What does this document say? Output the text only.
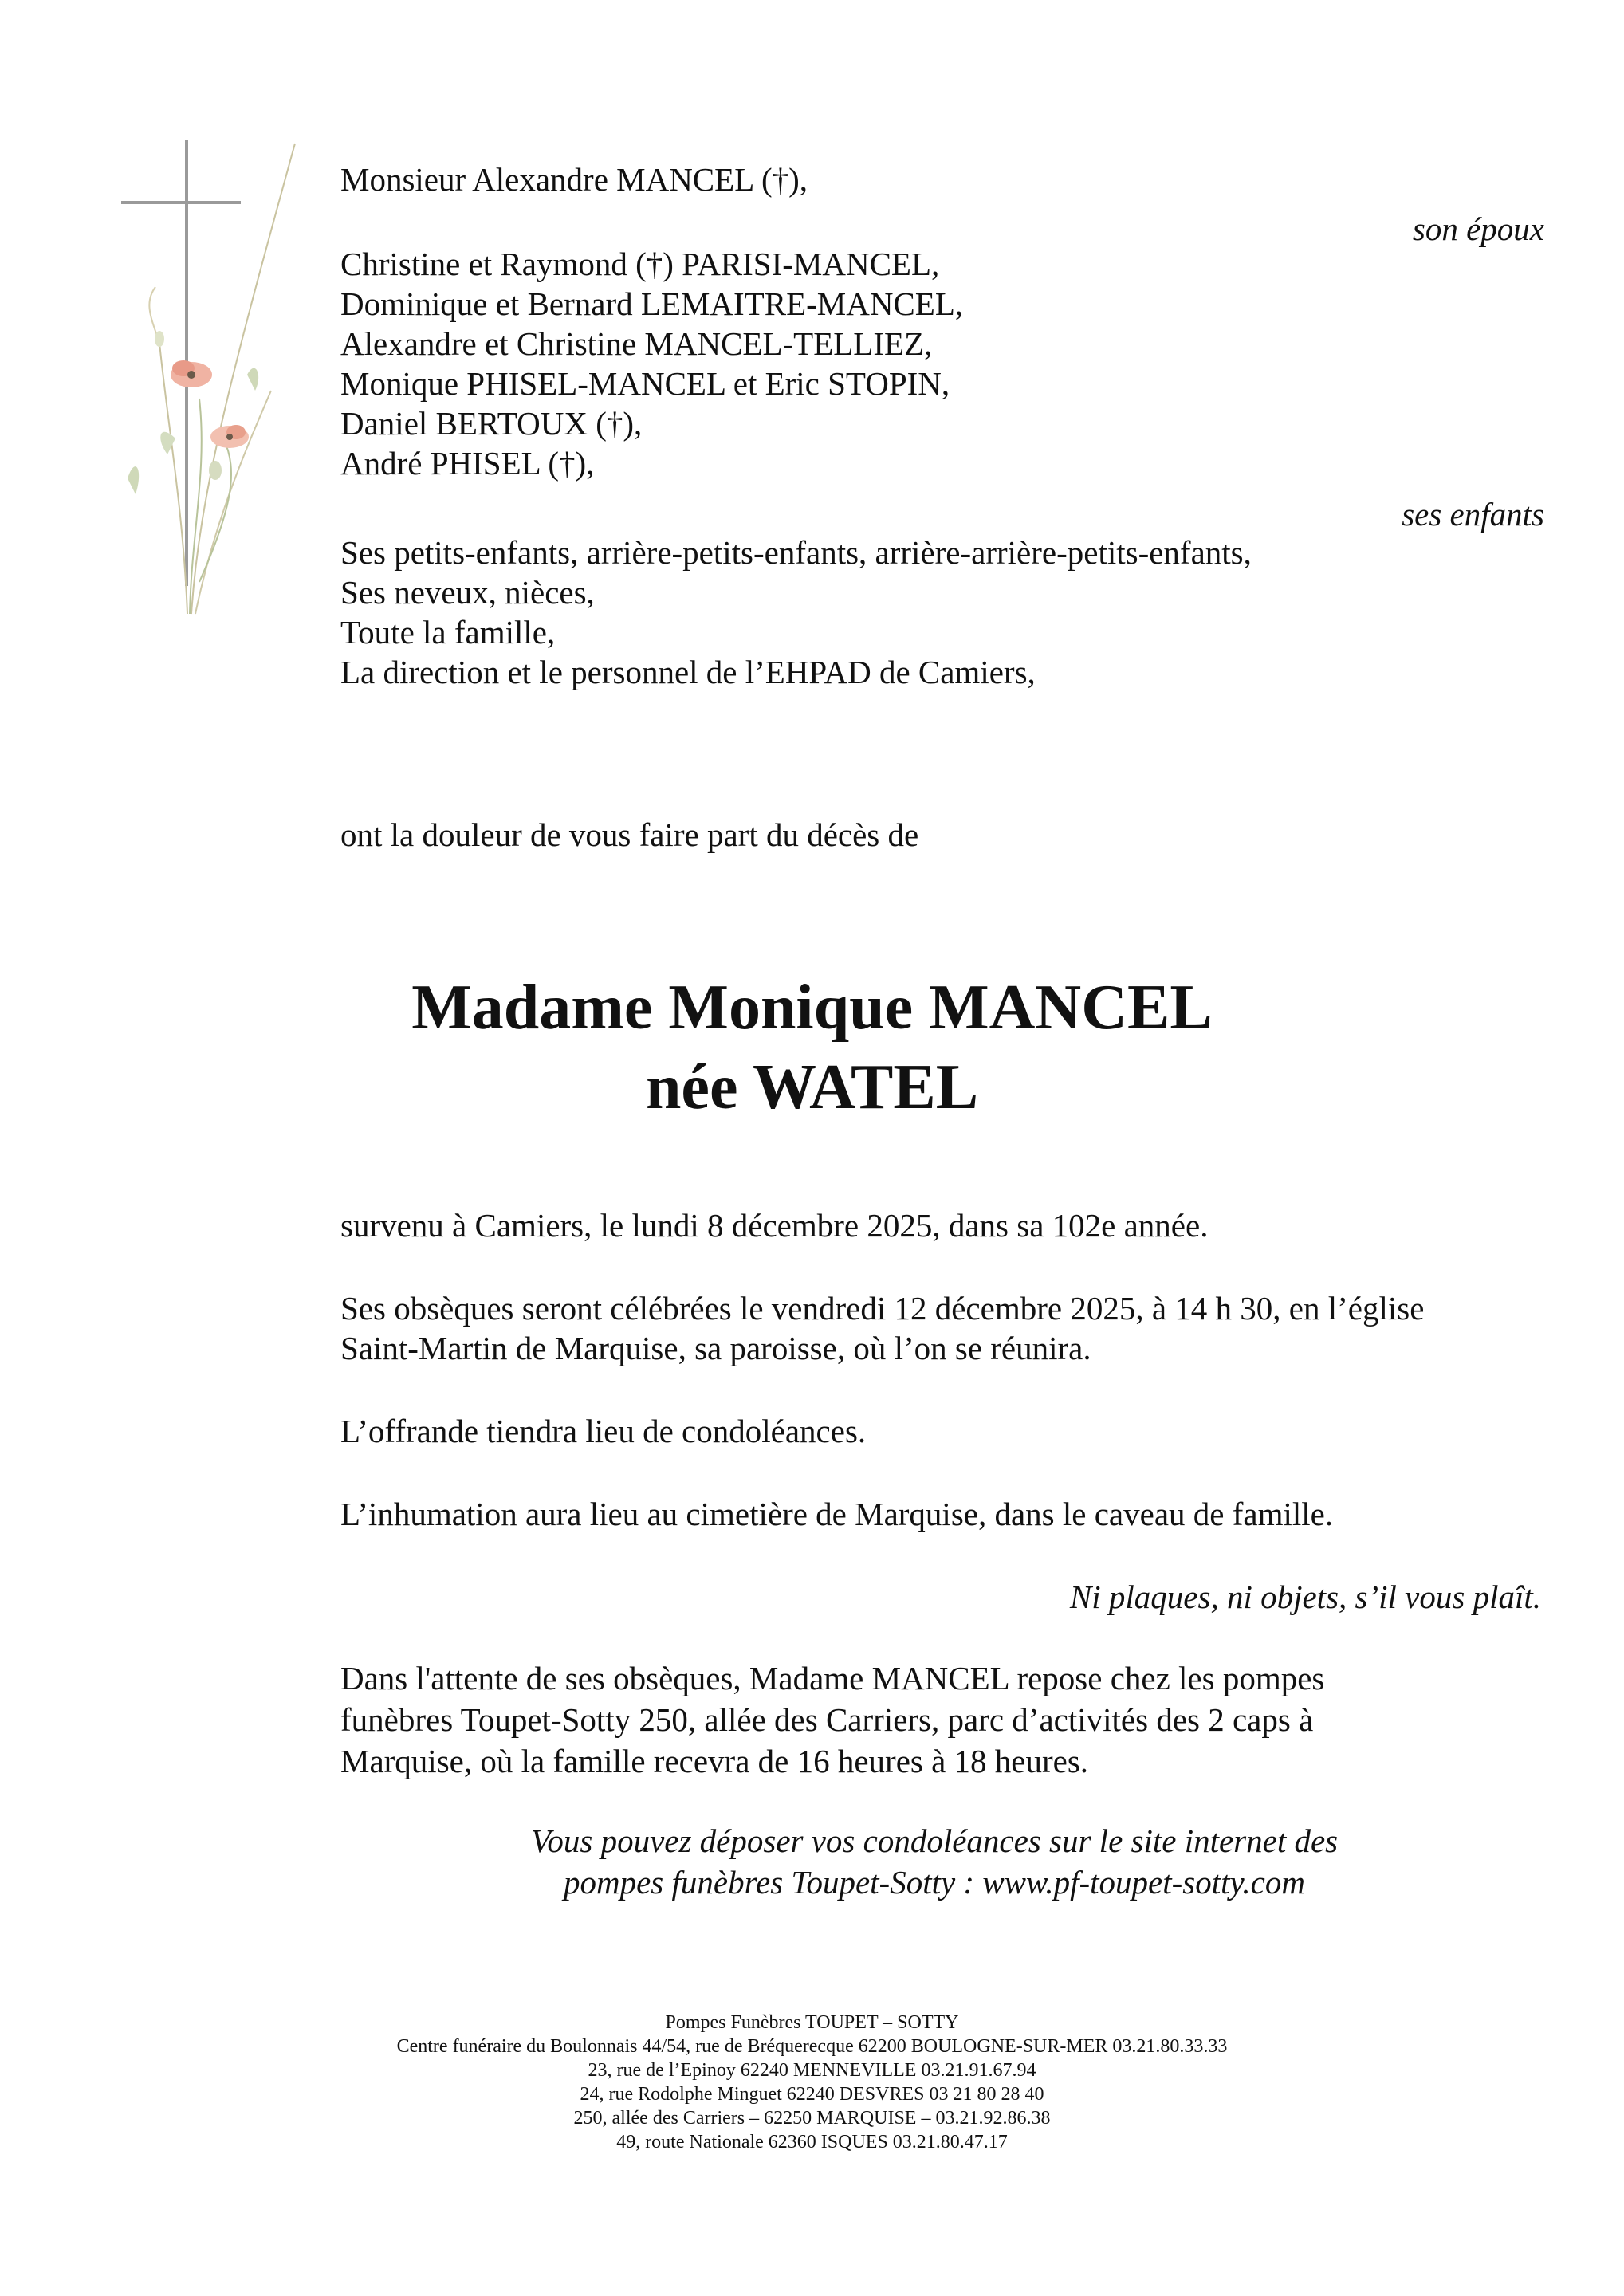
Monsieur Alexandre MANCEL (†),
son époux
Christine et Raymond (†) PARISI-MANCEL,
Dominique et Bernard LEMAITRE-MANCEL,
Alexandre et Christine MANCEL-TELLIEZ,
Monique PHISEL-MANCEL et Eric STOPIN,
Daniel BERTOUX (†),
André PHISEL (†),
ses enfants
Ses petits-enfants, arrière-petits-enfants, arrière-arrière-petits-enfants,
Ses neveux, nièces,
Toute la famille,
La direction et le personnel de l’EHPAD de Camiers,
ont la douleur de vous faire part du décès de
Madame Monique MANCEL
née WATEL
survenu à Camiers, le lundi 8 décembre 2025, dans sa 102e année.
Ses obsèques seront célébrées le vendredi 12 décembre 2025, à 14 h 30, en l’église
Saint-Martin de Marquise, sa paroisse, où l’on se réunira.
L’offrande tiendra lieu de condoléances.
L’inhumation aura lieu au cimetière de Marquise, dans le caveau de famille.
Ni plaques, ni objets, s’il vous plaît.
Dans l'attente de ses obsèques, Madame MANCEL repose chez les pompes
funèbres Toupet-Sotty 250, allée des Carriers, parc d’activités des 2 caps à
Marquise, où la famille recevra de 16 heures à 18 heures.
Vous pouvez déposer vos condoléances sur le site internet des
pompes funèbres Toupet-Sotty : www.pf-toupet-sotty.com
Pompes Funèbres TOUPET – SOTTY
Centre funéraire du Boulonnais 44/54, rue de Bréquerecque 62200 BOULOGNE-SUR-MER 03.21.80.33.33
23, rue de l’Epinoy 62240 MENNEVILLE 03.21.91.67.94
24, rue Rodolphe Minguet 62240 DESVRES 03 21 80 28 40
250, allée des Carriers – 62250 MARQUISE – 03.21.92.86.38
49, route Nationale 62360 ISQUES 03.21.80.47.17
